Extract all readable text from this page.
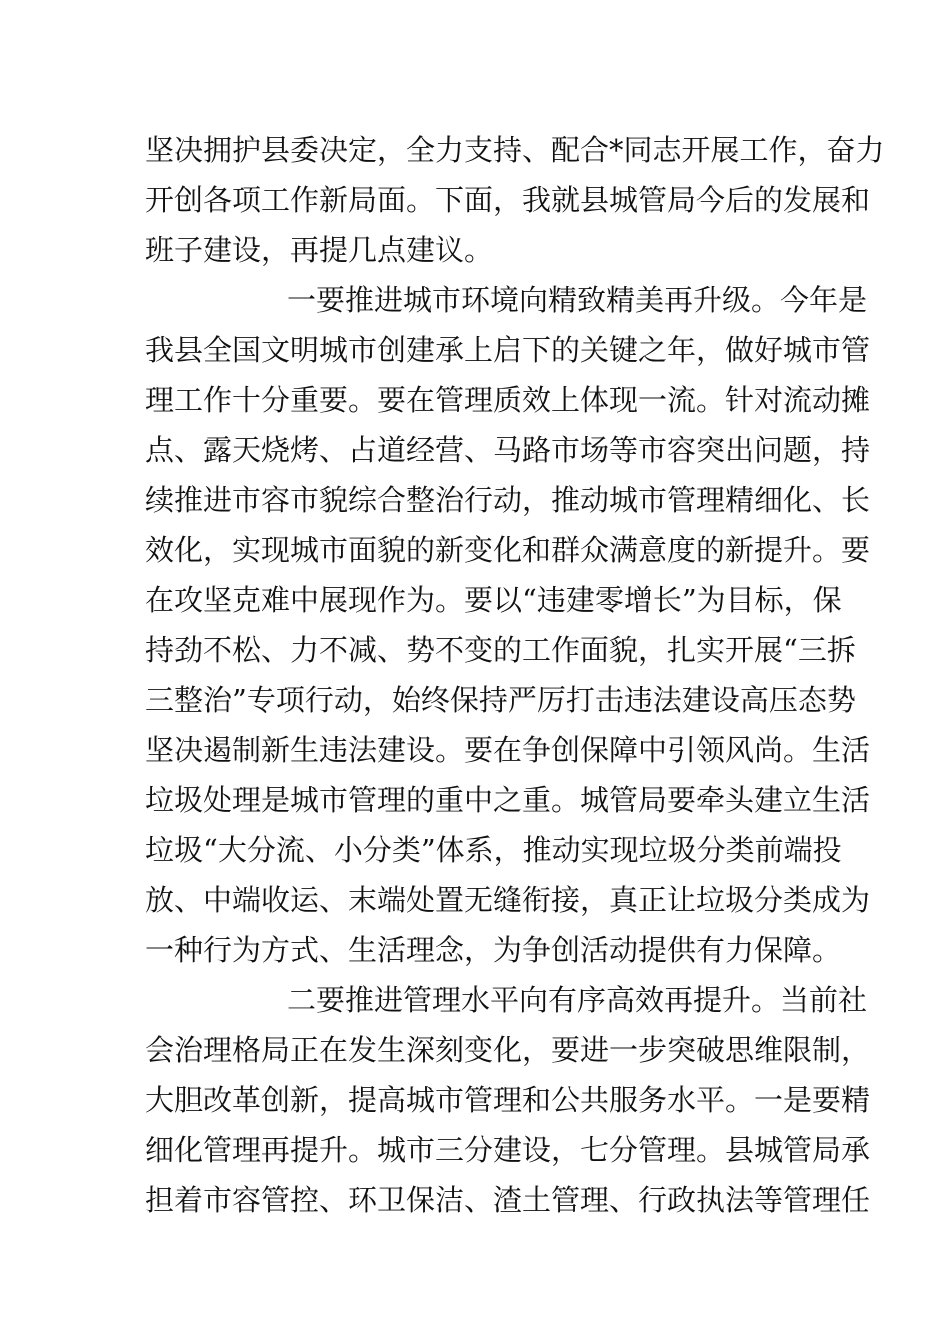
坚决拥护县委决定，全力支持、配合*同志开展工作，奋力
开创各项工作新局面。下面，我就县城管局今后的发展和
班子建设，再提几点建议。
一要推进城市环境向精致精美再升级。今年是
我县全国文明城市创建承上启下的关键之年，做好城市管
理工作十分重要。要在管理质效上体现一流。针对流动摊
点、露天烧烤、占道经营、马路市场等市容突出问题，持
续推进市容市貌综合整治行动，推动城市管理精细化、长
效化，实现城市面貌的新变化和群众满意度的新提升。要
在攻坚克难中展现作为。要以“违建零增长”为目标，保
持劲不松、力不减、势不变的工作面貌，扎实开展“三拆
三整治”专项行动，始终保持严厉打击违法建设高压态势
坚决遏制新生违法建设。要在争创保障中引领风尚。生活
垃圾处理是城市管理的重中之重。城管局要牵头建立生活
垃圾“大分流、小分类”体系，推动实现垃圾分类前端投
放、中端收运、末端处置无缝衔接，真正让垃圾分类成为
一种行为方式、生活理念，为争创活动提供有力保障。
二要推进管理水平向有序高效再提升。当前社
会治理格局正在发生深刻变化，要进一步突破思维限制，
大胆改革创新，提高城市管理和公共服务水平。一是要精
细化管理再提升。城市三分建设，七分管理。县城管局承
担着市容管控、环卫保洁、渣土管理、行政执法等管理任
